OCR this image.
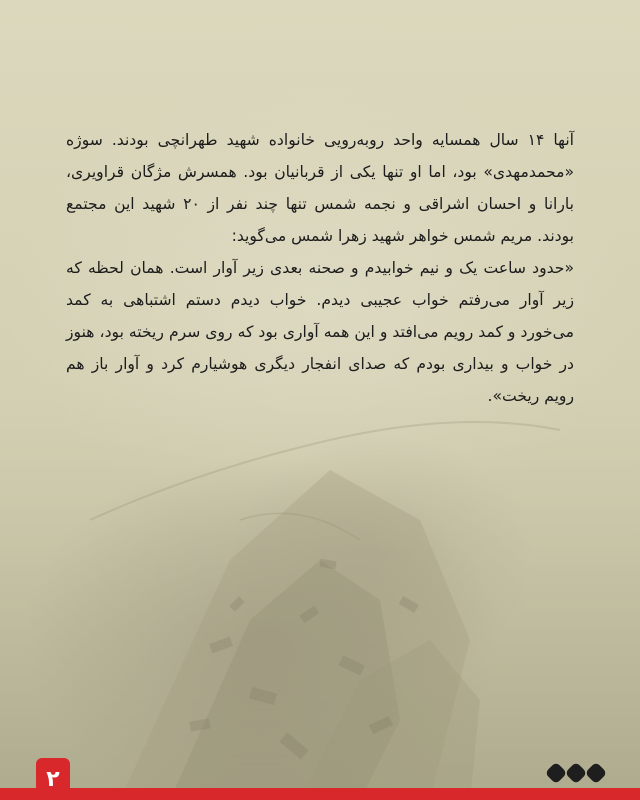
آنها ۱۴ سال همسایه واحد روبه‌رویی خانواده شهید طهرانچی بودند. سوژه «محمدمهدی» بود، اما او تنها یکی از قربانیان بود. همسرش مژگان قراویری، بارانا و احسان اشراقی و نجمه شمس تنها چند نفر از ۲۰ شهید این مجتمع بودند. مریم شمس خواهر شهید زهرا شمس می‌گوید:

«حدود ساعت یک و نیم خوابیدم و صحنه بعدی زیر آوار است. همان لحظه که زیر آوار می‌رفتم خواب عجیبی دیدم. خواب دیدم دستم اشتباهی به کمد می‌خورد و کمد رویم می‌افتد و این همه آواری بود که روی سرم ریخته بود، هنوز در خواب و بیداری بودم که صدای انفجار دیگری هوشیارم کرد و آوار باز هم رویم ریخت».

۲
